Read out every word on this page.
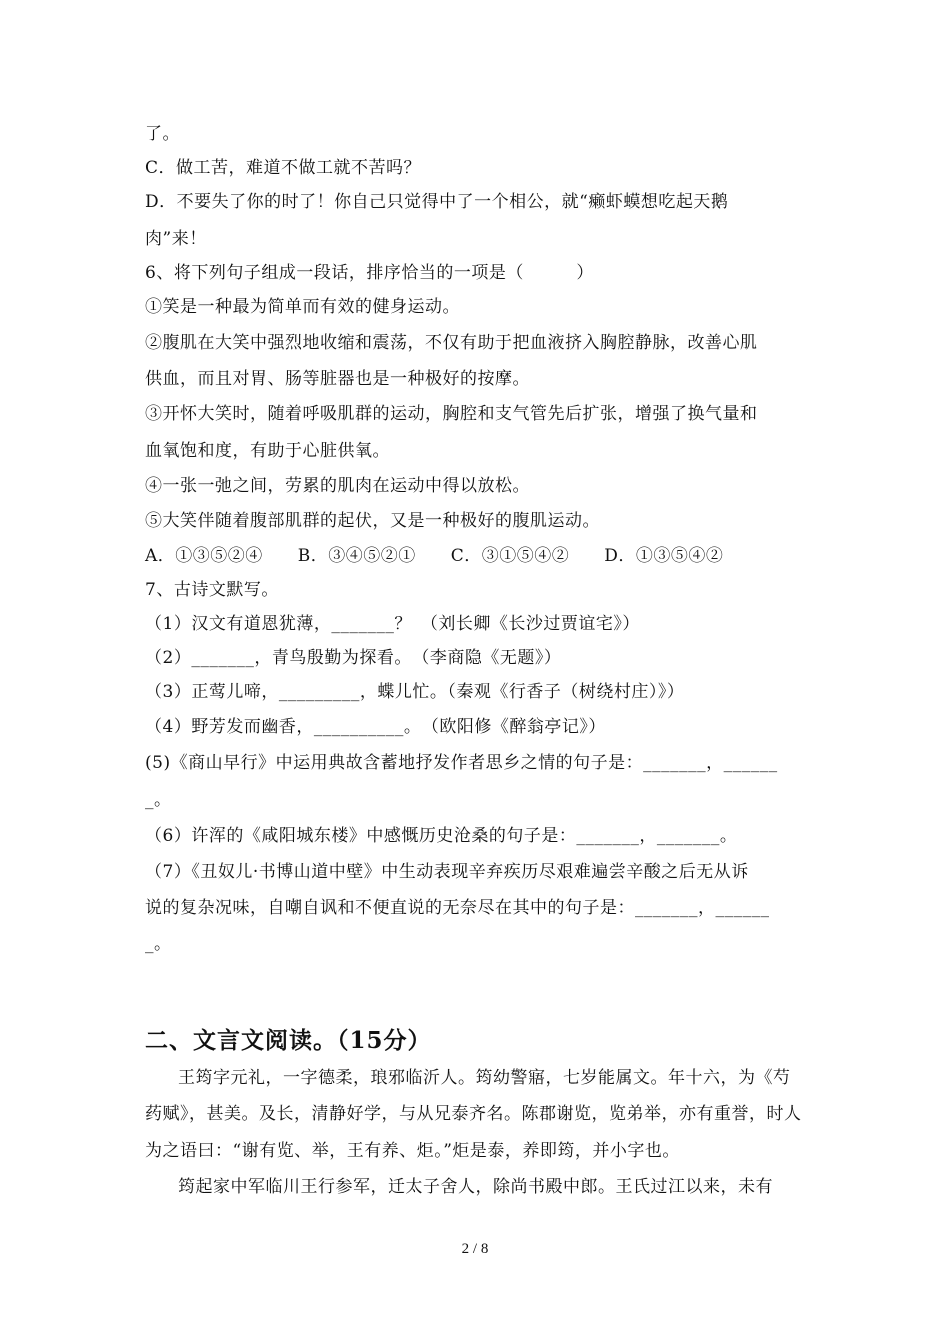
了。
C．做工苦，难道不做工就不苦吗？
D．不要失了你的时了！你自己只觉得中了一个相公，就“癞虾蟆想吃起天鹅
肉”来！
6、将下列句子组成一段话，排序恰当的一项是（　　　）
①笑是一种最为简单而有效的健身运动。
②腹肌在大笑中强烈地收缩和震荡，不仅有助于把血液挤入胸腔静脉，改善心肌
供血，而且对胃、肠等脏器也是一种极好的按摩。
③开怀大笑时，随着呼吸肌群的运动，胸腔和支气管先后扩张，增强了换气量和
血氧饱和度，有助于心脏供氧。
④一张一弛之间，劳累的肌肉在运动中得以放松。
⑤大笑伴随着腹部肌群的起伏，又是一种极好的腹肌运动。
A．①③⑤②④　　B．③④⑤②①　　C．③①⑤④②　　D．①③⑤④②
7、古诗文默写。
（1）汉文有道恩犹薄，_______？　（刘长卿《长沙过贾谊宅》）
（2）_______，青鸟殷勤为探看。　（李商隐《无题》）
（3）正莺儿啼，_________，蝶儿忙。（秦观《行香子（树绕村庄）》）
（4）野芳发而幽香，__________。　（欧阳修《醉翁亭记》）
(5)《商山早行》中运用典故含蓄地抒发作者思乡之情的句子是：_______，______
_。
（6）许浑的《咸阳城东楼》中感慨历史沧桑的句子是：_______，_______。
（7）《丑奴儿·书博山道中壁》中生动表现辛弃疾历尽艰难遍尝辛酸之后无从诉
说的复杂况味，自嘲自讽和不便直说的无奈尽在其中的句子是：_______，______
_。
二、文言文阅读。（15分）
王筠字元礼，一字德柔，琅邪临沂人。筠幼警寤，七岁能属文。年十六，为《芍
药赋》，甚美。及长，清静好学，与从兄泰齐名。陈郡谢览，览弟举，亦有重誉，时人
为之语曰：“谢有览、举，王有养、炬。”炬是泰，养即筠，并小字也。
筠起家中军临川王行参军，迁太子舍人，除尚书殿中郎。王氏过江以来，未有
2 / 8
